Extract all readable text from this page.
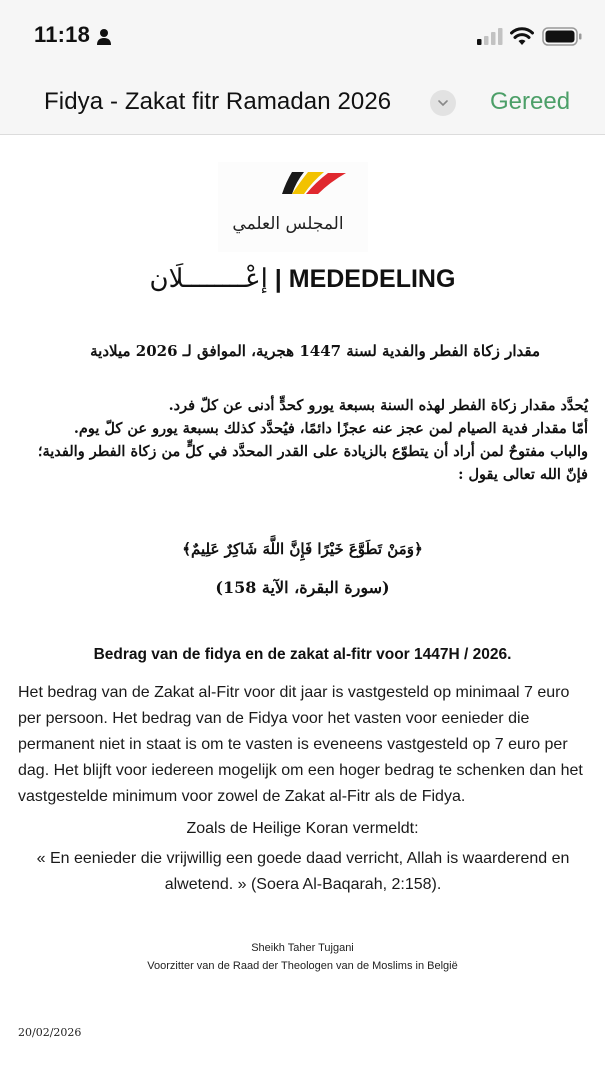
11:18
Fidya - Zakat fitr Ramadan 2026	Gereed
المجلس العلمي
إعْــــــــلَان | MEDEDELING
مقدار زكاة الفطر والفدية لسنة 1447 هجرية، الموافق لـ 2026 ميلادية
يُحدَّد مقدار زكاة الفطر لهذه السنة بسبعة يورو كحدٍّ أدنى عن كلّ فرد.
أمّا مقدار فدية الصيام لمن عجز عنه عجزًا دائمًا، فيُحدَّد كذلك بسبعة يورو عن كلّ يوم.
والباب مفتوحٌ لمن أراد أن يتطوّع بالزيادة على القدر المحدَّد في كلٍّ من زكاة الفطر والفدية؛
فإنّ الله تعالى يقول :
﴿وَمَنْ تَطَوَّعَ خَيْرًا فَإِنَّ اللَّهَ شَاكِرٌ عَلِيمٌ﴾
(سورة البقرة، الآية 158)
Bedrag van de fidya en de zakat al-fitr voor 1447H / 2026.
Het bedrag van de Zakat al-Fitr voor dit jaar is vastgesteld op minimaal 7 euro per persoon. Het bedrag van de Fidya voor het vasten voor eenieder die permanent niet in staat is om te vasten is eveneens vastgesteld op 7 euro per dag. Het blijft voor iedereen mogelijk om een hoger bedrag te schenken dan het vastgestelde minimum voor zowel de Zakat al-Fitr als de Fidya.
Zoals de Heilige Koran vermeldt:
« En eenieder die vrijwillig een goede daad verricht, Allah is waarderend en alwetend. » (Soera Al-Baqarah, 2:158).
Sheikh Taher Tujgani
Voorzitter van de Raad der Theologen van de Moslims in België
20/02/2026
